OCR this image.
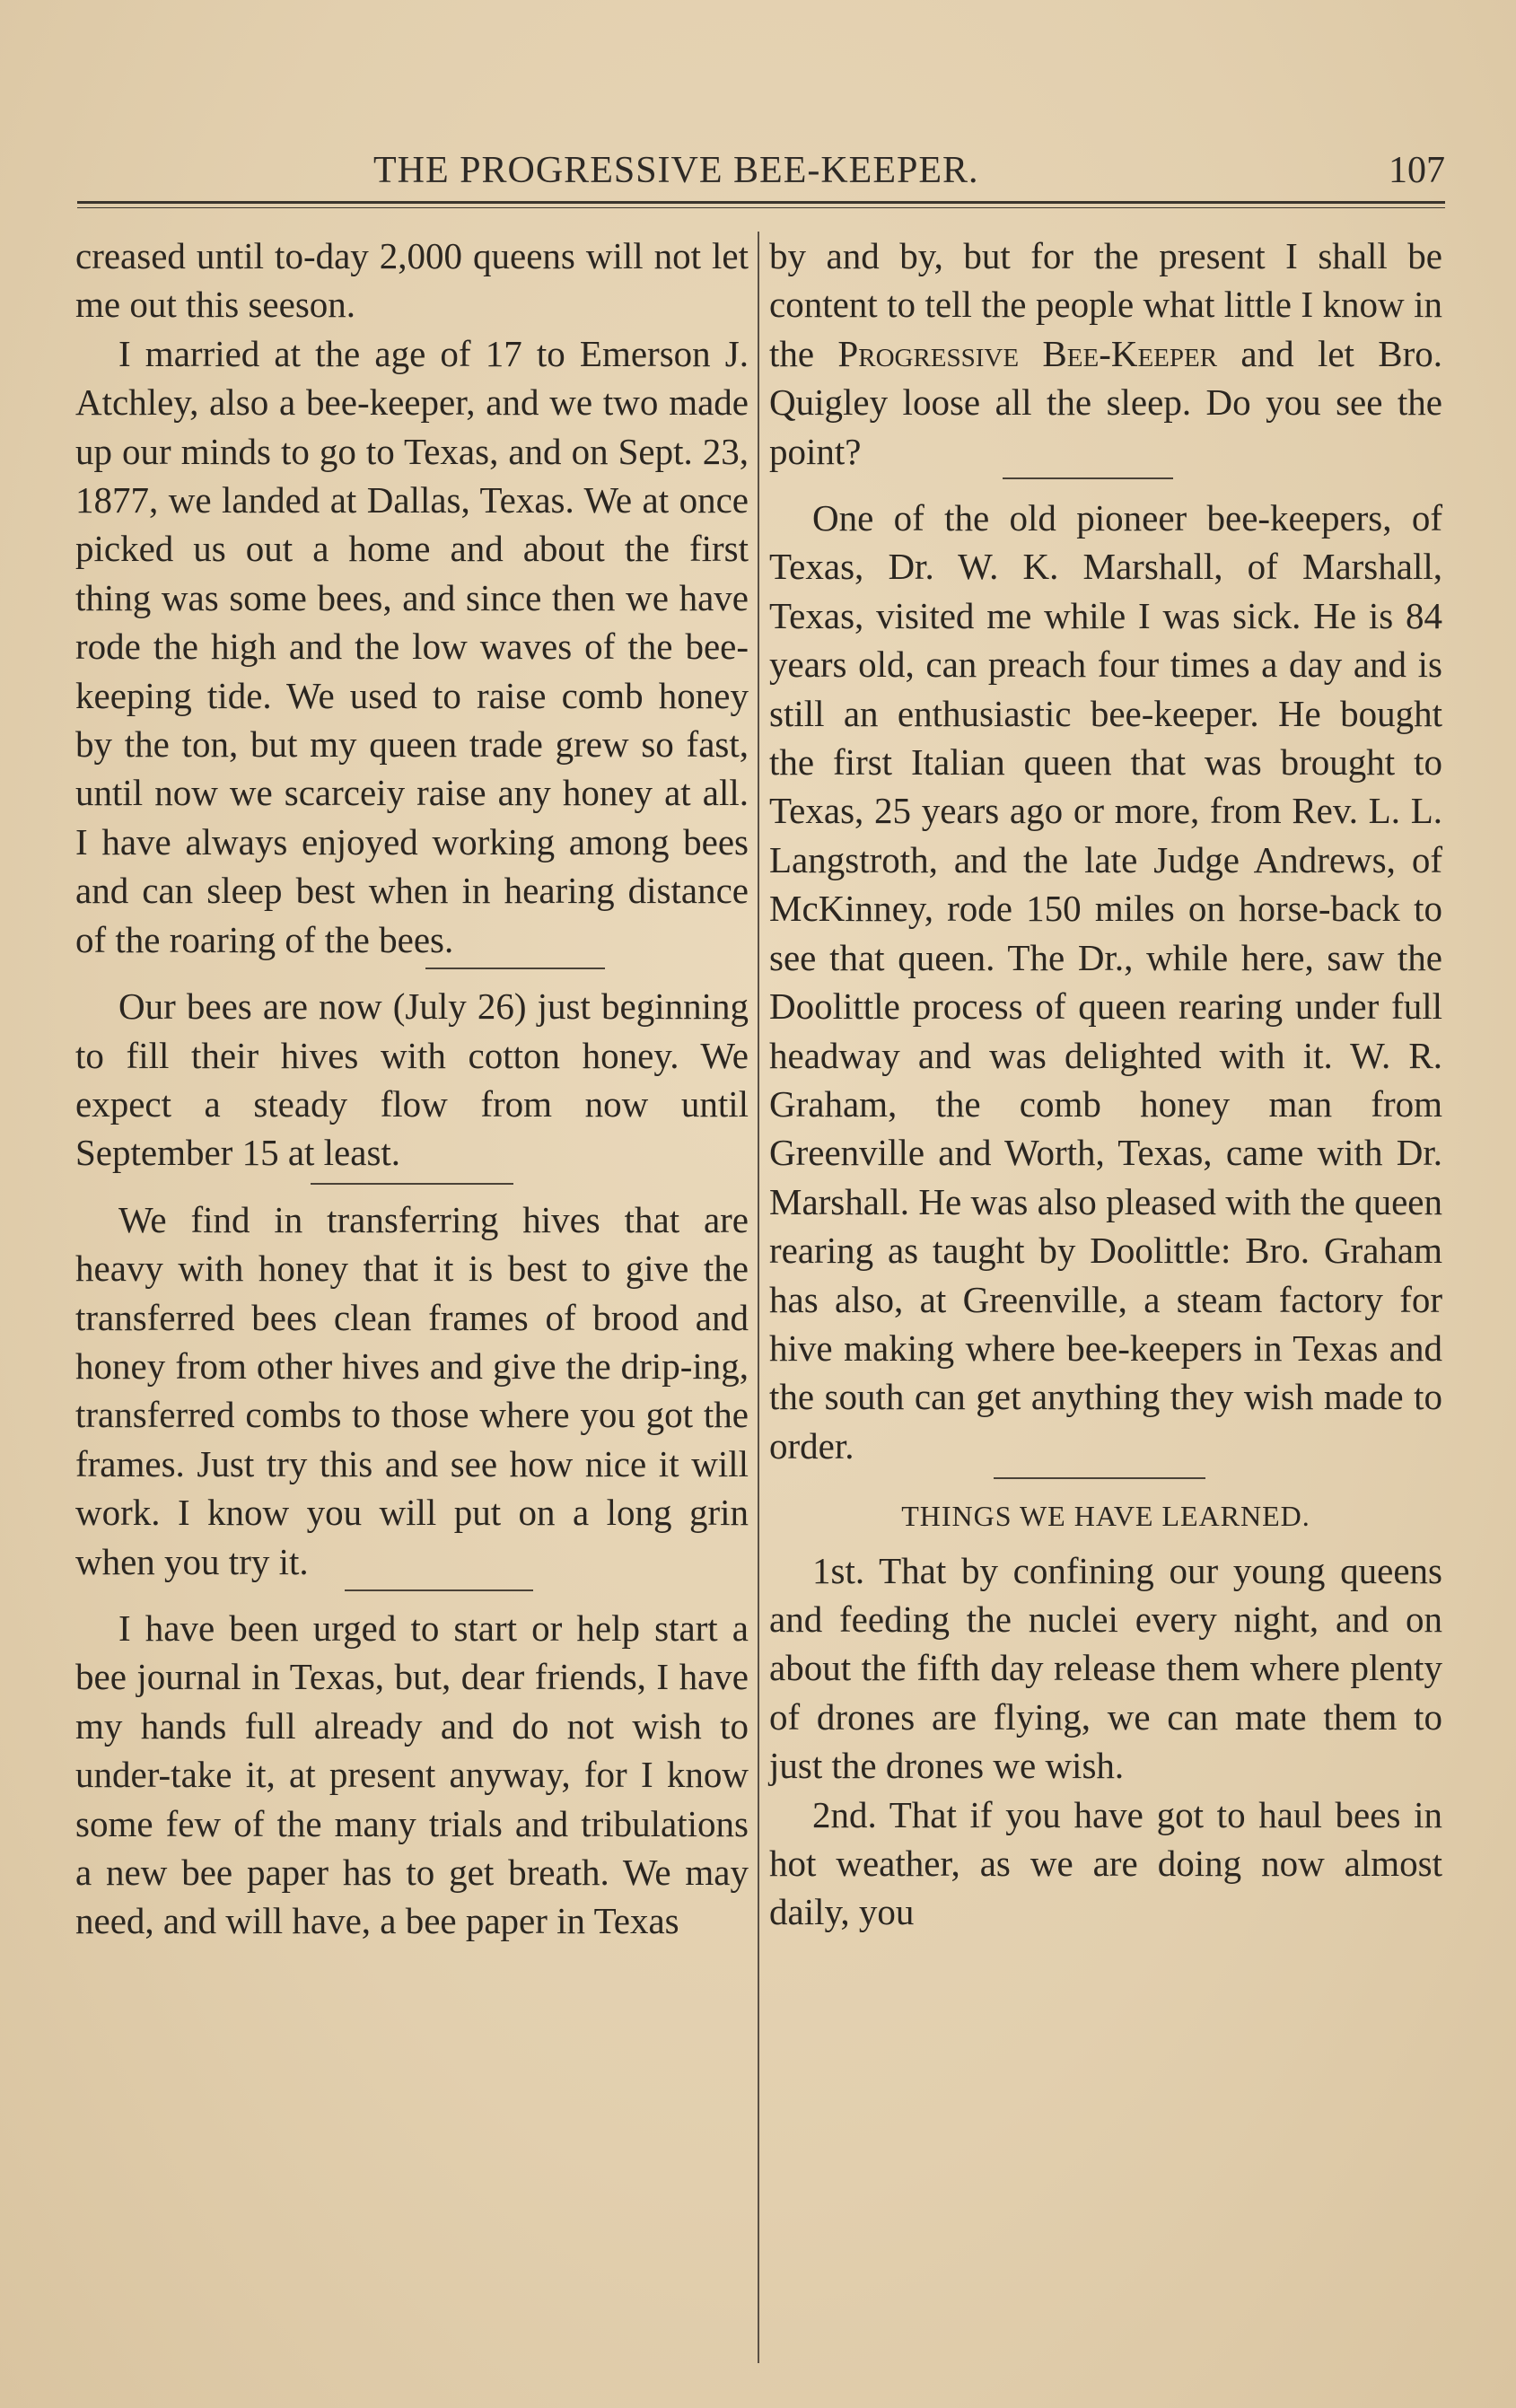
THE PROGRESSIVE BEE-KEEPER.	107

creased until to-day 2,000 queens will not let me out this seeson.

I married at the age of 17 to Emerson J. Atchley, also a bee-keeper, and we two made up our minds to go to Texas, and on Sept. 23, 1877, we landed at Dallas, Texas. We at once picked us out a home and about the first thing was some bees, and since then we have rode the high and the low waves of the bee-keeping tide. We used to raise comb honey by the ton, but my queen trade grew so fast, until now we scarceiy raise any honey at all. I have always enjoyed working among bees and can sleep best when in hearing distance of the roaring of the bees.

Our bees are now (July 26) just beginning to fill their hives with cotton honey. We expect a steady flow from now until September 15 at least.

We find in transferring hives that are heavy with honey that it is best to give the transferred bees clean frames of brood and honey from other hives and give the drip-ing, transferred combs to those where you got the frames. Just try this and see how nice it will work. I know you will put on a long grin when you try it.

I have been urged to start or help start a bee journal in Texas, but, dear friends, I have my hands full already and do not wish to under-take it, at present anyway, for I know some few of the many trials and tribulations a new bee paper has to get breath. We may need, and will have, a bee paper in Texas

by and by, but for the present I shall be content to tell the people what little I know in the Progressive Bee-Keeper and let Bro. Quigley loose all the sleep. Do you see the point?

One of the old pioneer bee-keepers, of Texas, Dr. W. K. Marshall, of Marshall, Texas, visited me while I was sick. He is 84 years old, can preach four times a day and is still an enthusiastic bee-keeper. He bought the first Italian queen that was brought to Texas, 25 years ago or more, from Rev. L. L. Langstroth, and the late Judge Andrews, of McKinney, rode 150 miles on horse-back to see that queen. The Dr., while here, saw the Doolittle process of queen rearing under full headway and was delighted with it. W. R. Graham, the comb honey man from Greenville and Worth, Texas, came with Dr. Marshall. He was also pleased with the queen rearing as taught by Doolittle: Bro. Graham has also, at Greenville, a steam factory for hive making where bee-keepers in Texas and the south can get anything they wish made to order.

THINGS WE HAVE LEARNED.

1st. That by confining our young queens and feeding the nuclei every night, and on about the fifth day release them where plenty of drones are flying, we can mate them to just the drones we wish.

2nd. That if you have got to haul bees in hot weather, as we are doing now almost daily, you
